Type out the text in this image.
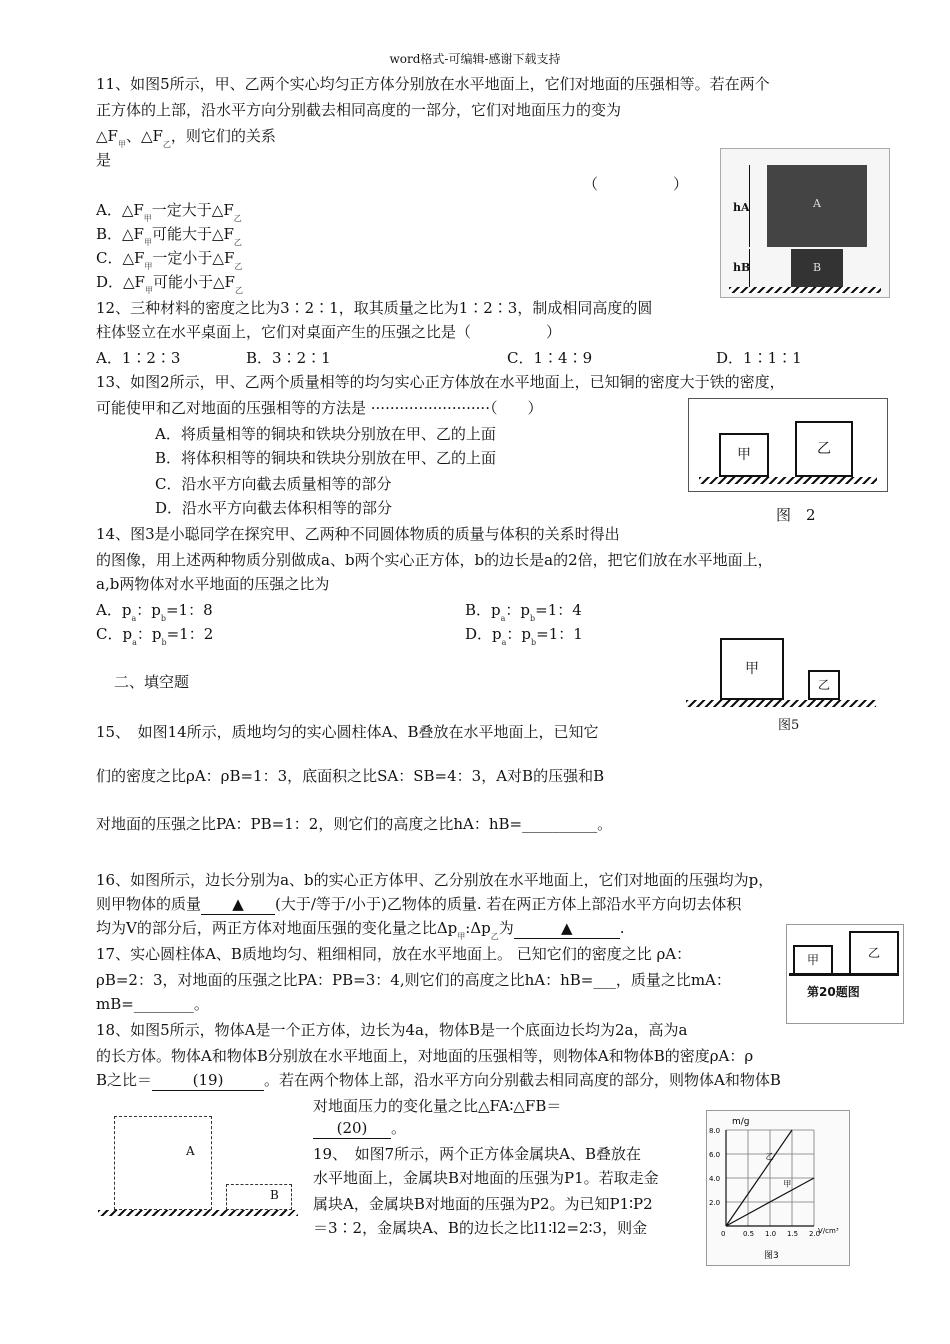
word格式-可编辑-感谢下载支持
11、如图5所示，甲、乙两个实心均匀正方体分别放在水平地面上，它们对地面的压强相等。若在两个
正方体的上部，沿水平方向分别截去相同高度的一部分，它们对地面压力的变为
$\triangle F_甲$、$\triangle F_乙$，则它们的关系
是
（　　　　　）
A．$\triangle F_甲$一定大于$\triangle F_乙$
B．$\triangle F_甲$可能大于$\triangle F_乙$
C．$\triangle F_甲$一定小于$\triangle F_乙$
D．$\triangle F_甲$可能小于$\triangle F_乙$
A
B
hA
hB
12、三种材料的密度之比为3∶2∶1，取其质量之比为1∶2∶3，制成相同高度的圆
柱体竖立在水平桌面上，它们对桌面产生的压强之比是（　　　　　）
A．1∶2∶3	B．3∶2∶1	C．1∶4∶9	D．1∶1∶1
13、如图2所示，甲、乙两个质量相等的均匀实心正方体放在水平地面上，已知铜的密度大于铁的密度，
可能使甲和乙对地面的压强相等的方法是 ·························（　　）
A．将质量相等的铜块和铁块分别放在甲、乙的上面
B．将体积相等的铜块和铁块分别放在甲、乙的上面
C．沿水平方向截去质量相等的部分
D．沿水平方向截去体积相等的部分
甲	乙
图　2
14、图3是小聪同学在探究甲、乙两种不同圆体物质的质量与体积的关系时得出
的图像，用上述两种物质分别做成a、b两个实心正方体，b的边长是a的2倍，把它们放在水平地面上，
a,b两物体对水平地面的压强之比为
A．$p_a$：$p_b=1$：8	B．$p_a$：$p_b=1$：4
C．$p_a$：$p_b=1$：2	D．$p_a$：$p_b=1$：1
甲
乙
图5
二、填空题
15、　如图14所示，质地均匀的实心圆柱体A、B叠放在水平地面上，已知它
们的密度之比ρA：ρB=1：3，底面积之比SA：SB=4：3，A对B的压强和B
对地面的压强之比PA：PB=1：2，则它们的高度之比hA：hB=__________。
16、如图所示，边长分别为a、b的实心正方体甲、乙分别放在水平地面上，它们对地面的压强均为p，
则甲物体的质量 ▲ (大于/等于/小于)乙物体的质量. 若在两正方体上部沿水平方向切去体积
均为V的部分后，两正方体对地面压强的变化量之比$\Delta p_甲:\Delta p_乙$为	▲	.
17、实心圆柱体A、B质地均匀、粗细相同，放在水平地面上。 已知它们的密度之比 ρA：
ρB=2：3，对地面的压强之比PA：PB=3：4,则它们的高度之比hA：hB=___，质量之比mA：
mB=________。
甲	乙
第20题图
18、如图5所示，物体A是一个正方体，边长为4a，物体B是一个底面边长均为2a，高为a
的长方体。物体A和物体B分别放在水平地面上，对地面的压强相等，则物体A和物体B的密度ρA：ρ
B之比＝	(19)	。若在两个物体上部，沿水平方向分别截去相同高度的部分，则物体A和物体B
对地面压力的变化量之比△FA∶△FB＝
(20) 。
A
B
19、　如图7所示，两个正方体金属块A、B叠放在
水平地面上，金属块B对地面的压强为P1。若取走金
属块A，金属块B对地面的压强为P2。为已知P1∶P2
＝3∶2，金属块A、B的边长之比l1∶l2=2∶3，则金
m/g
0	0.5 1.0 1.5 2.0
2.0
4.0
6.0
8.0
乙
甲
V/cm³
图3
